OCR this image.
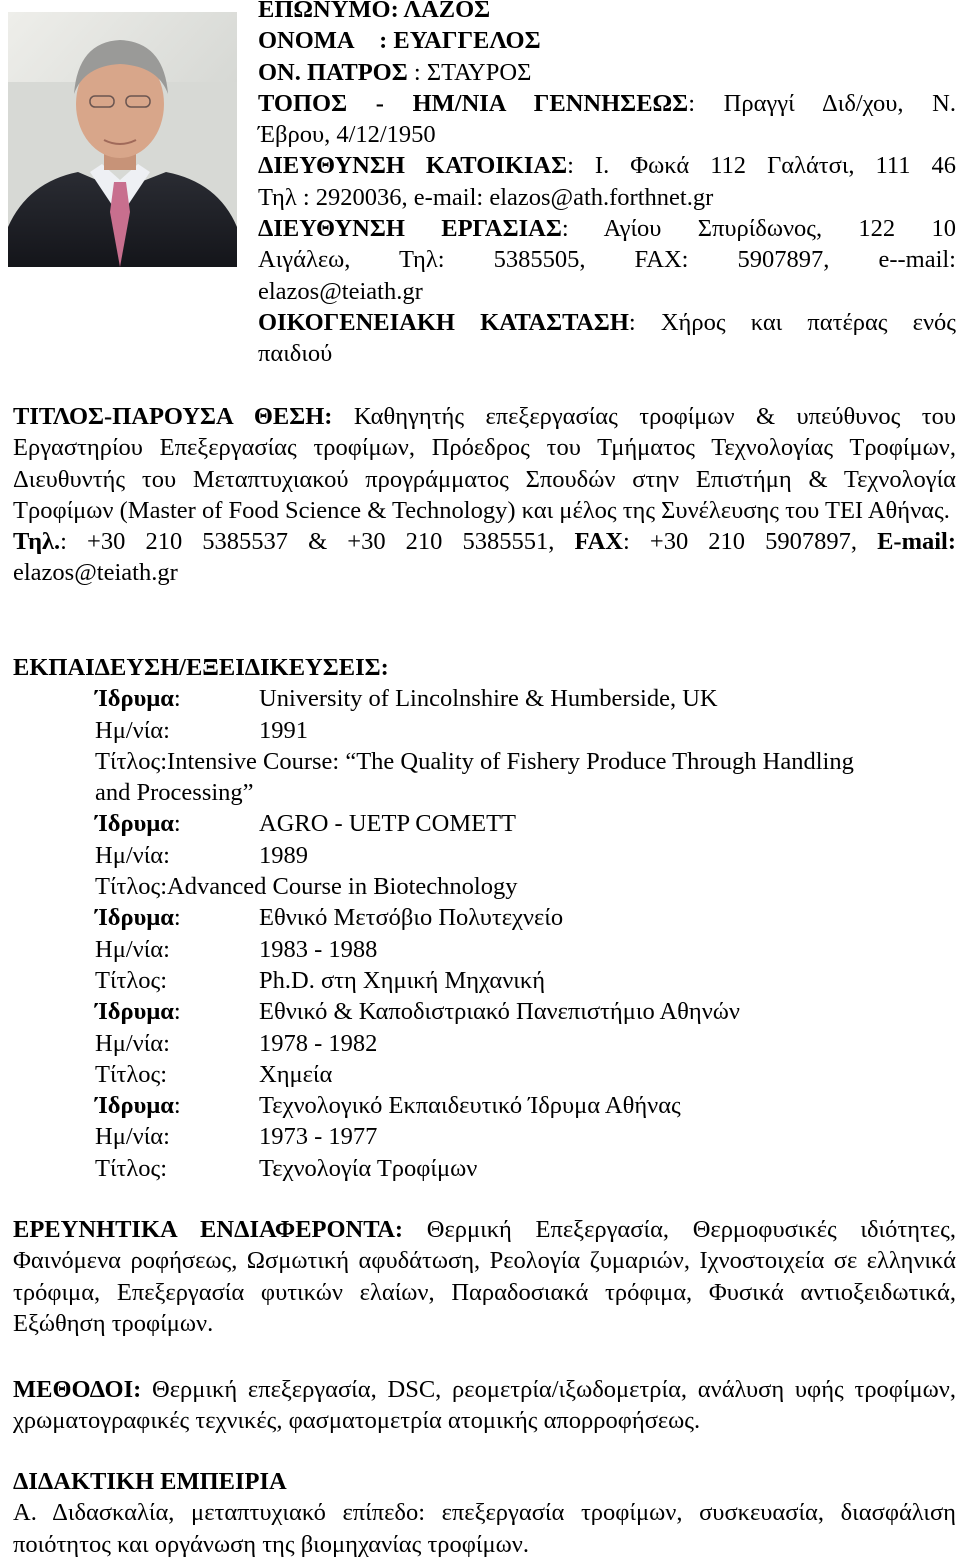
ΕΠΩΝΥΜΟ: ΛΑΖΟΣ
ΟΝΟΜΑ : ΕΥΑΓΓΕΛΟΣ
ΟΝ. ΠΑΤΡΟΣ : ΣΤΑΥΡΟΣ
ΤΟΠΟΣ - ΗΜ/ΝΙΑ ΓΕΝΝΗΣΕΩΣ: Πραγγί Διδ/χου, Ν.
Έβρου, 4/12/1950
ΔΙΕΥΘΥΝΣΗ ΚΑΤΟΙΚΙΑΣ: Ι. Φωκά 112 Γαλάτσι, 111 46
Τηλ : 2920036, e-mail: elazos@ath.forthnet.gr
ΔΙΕΥΘΥΝΣΗ ΕΡΓΑΣΙΑΣ: Αγίου Σπυρίδωνος, 122 10
Αιγάλεω, Τηλ: 5385505, FAX: 5907897, e--mail:
elazos@teiath.gr
ΟΙΚΟΓΕΝΕΙΑΚΗ ΚΑΤΑΣΤΑΣΗ: Χήρος και πατέρας ενός
παιδιού
ΤΙΤΛΟΣ-ΠΑΡΟΥΣΑ ΘΕΣΗ: Καθηγητής επεξεργασίας τροφίμων & υπεύθυνος του Εργαστηρίου Επεξεργασίας τροφίμων, Πρόεδρος του Τμήματος Τεχνολογίας Τροφίμων, Διευθυντής του Μεταπτυχιακού προγράμματος Σπουδών στην Επιστήμη & Τεχνολογία Τροφίμων (Master of Food Science & Technology) και μέλος της Συνέλευσης του ΤΕΙ Αθήνας.
Τηλ.: +30 210 5385537 & +30 210 5385551, FAX: +30 210 5907897, E-mail: elazos@teiath.gr
ΕΚΠΑΙΔΕΥΣΗ/ΕΞΕΙΔΙΚΕΥΣΕΙΣ:
Ίδρυμα:	University of Lincolnshire & Humberside, UK
Ημ/νία:	1991
Τίτλος: Intensive Course: “The Quality of Fishery Produce Through Handling
and Processing”
Ίδρυμα:	AGRO - UETP COMETT
Ημ/νία:	1989
Τίτλος: Advanced Course in Biotechnology
Ίδρυμα:	Εθνικό Μετσόβιο Πολυτεχνείο
Ημ/νία:	1983 - 1988
Τίτλος:	Ph.D. στη Χημική Μηχανική
Ίδρυμα:	Εθνικό & Καποδιστριακό Πανεπιστήμιο Αθηνών
Ημ/νία:	1978 - 1982
Τίτλος:	Χημεία
Ίδρυμα:	Τεχνολογικό Εκπαιδευτικό Ίδρυμα Αθήνας
Ημ/νία:	1973 - 1977
Τίτλος:	Τεχνολογία Τροφίμων
ΕΡΕΥΝΗΤΙΚΑ ΕΝΔΙΑΦΕΡΟΝΤΑ: Θερμική Επεξεργασία, Θερμοφυσικές ιδιότητες, Φαινόμενα ροφήσεως, Ωσμωτική αφυδάτωση, Ρεολογία ζυμαριών, Ιχνοστοιχεία σε ελληνικά τρόφιμα, Επεξεργασία φυτικών ελαίων, Παραδοσιακά τρόφιμα, Φυσικά αντιοξειδωτικά, Εξώθηση τροφίμων.
ΜΕΘΟΔΟΙ: Θερμική επεξεργασία, DSC, ρεομετρία/ιξωδομετρία, ανάλυση υφής τροφίμων, χρωματογραφικές τεχνικές, φασματομετρία ατομικής απορροφήσεως.
ΔΙΔΑΚΤΙΚΗ ΕΜΠΕΙΡΙΑ
Α. Διδασκαλία, μεταπτυχιακό επίπεδο: επεξεργασία τροφίμων, συσκευασία, διασφάλιση ποιότητος και οργάνωση της βιομηχανίας τροφίμων.
